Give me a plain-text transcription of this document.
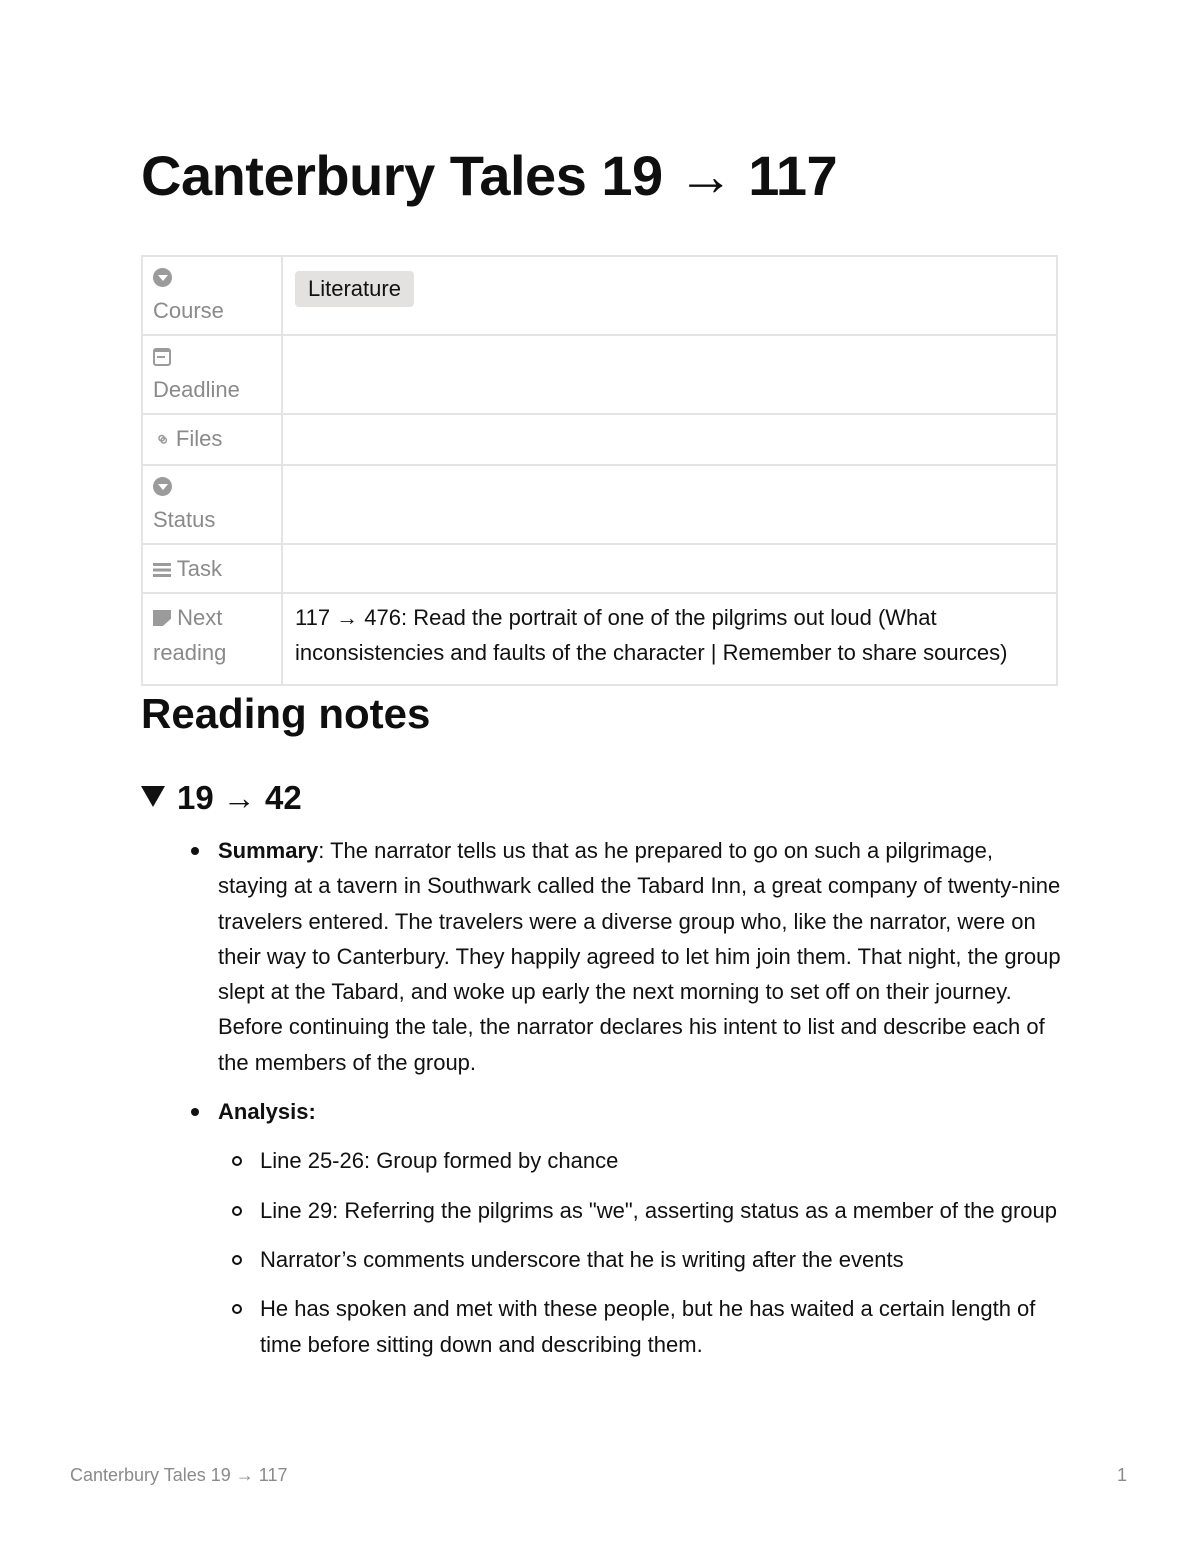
Canterbury Tales 19 → 117
Course	Literature

Deadline	
⚭ Files	

Status	
Task	
Next reading	117 → 476: Read the portrait of one of the pilgrims out loud (What inconsistencies and faults of the character | Remember to share sources)
Reading notes
19 → 42
Summary: The narrator tells us that as he prepared to go on such a pilgrimage, staying at a tavern in Southwark called the Tabard Inn, a great company of twenty-nine travelers entered. The travelers were a diverse group who, like the narrator, were on their way to Canterbury. They happily agreed to let him join them. That night, the group slept at the Tabard, and woke up early the next morning to set off on their journey. Before continuing the tale, the narrator declares his intent to list and describe each of the members of the group.
Analysis:
Line 25-26: Group formed by chance
Line 29: Referring the pilgrims as "we", asserting status as a member of the group
Narrator’s comments underscore that he is writing after the events
He has spoken and met with these people, but he has waited a certain length of time before sitting down and describing them.
Canterbury Tales 19 → 117	1
